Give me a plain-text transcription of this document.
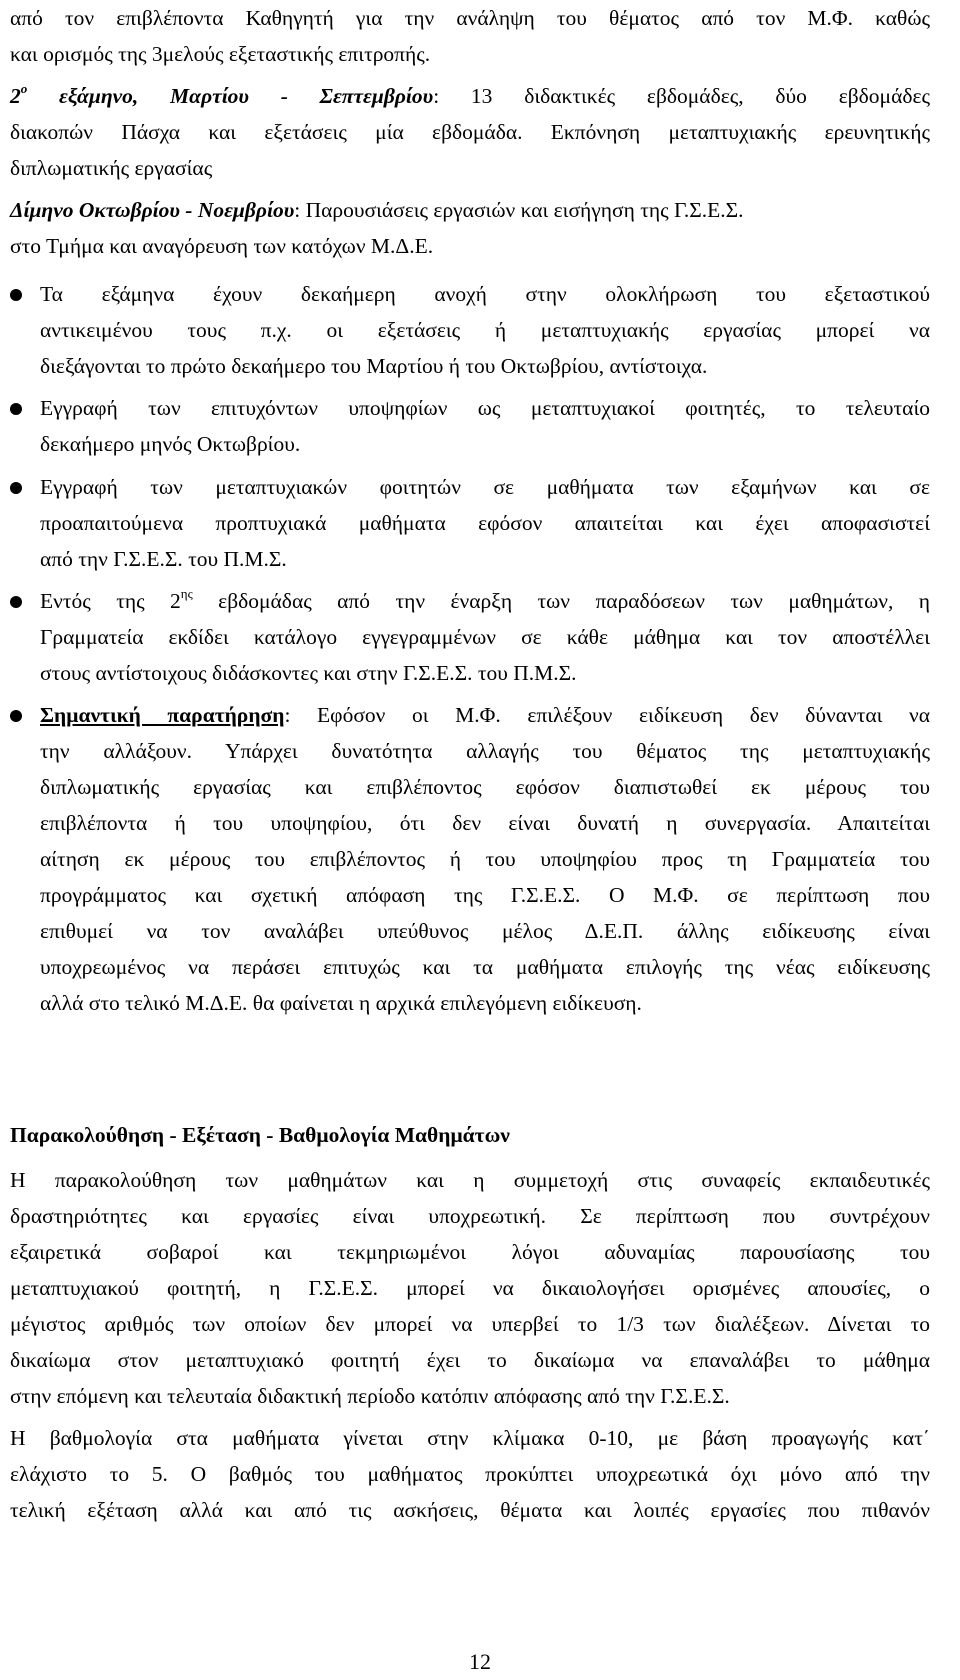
από τον επιβλέποντα Καθηγητή για την ανάληψη του θέματος από τον Μ.Φ. καθώς
και ορισμός της 3μελούς εξεταστικής επιτροπής.
$2^o$ εξάμηνο, Μαρτίου - Σεπτεμβρίου: 13 διδακτικές εβδομάδες, δύο εβδομάδες
διακοπών Πάσχα και εξετάσεις μία εβδομάδα. Εκπόνηση μεταπτυχιακής ερευνητικής
διπλωματικής εργασίας
Δίμηνο Οκτωβρίου - Νοεμβρίου: Παρουσιάσεις εργασιών και εισήγηση της Γ.Σ.Ε.Σ.
στο Τμήμα και αναγόρευση των κατόχων Μ.Δ.Ε.
Τα εξάμηνα έχουν δεκαήμερη ανοχή στην ολοκλήρωση του εξεταστικού
αντικειμένου τους π.χ. οι εξετάσεις ή μεταπτυχιακής εργασίας μπορεί να
διεξάγονται το πρώτο δεκαήμερο του Μαρτίου ή του Οκτωβρίου, αντίστοιχα.
Εγγραφή των επιτυχόντων υποψηφίων ως μεταπτυχιακοί φοιτητές, το τελευταίο
δεκαήμερο μηνός Οκτωβρίου.
Εγγραφή των μεταπτυχιακών φοιτητών σε μαθήματα των εξαμήνων και σε
προαπαιτούμενα προπτυχιακά μαθήματα εφόσον απαιτείται και έχει αποφασιστεί
από την Γ.Σ.Ε.Σ. του Π.Μ.Σ.
Εντός της $2^{\eta\varsigma}$ εβδομάδας από την έναρξη των παραδόσεων των μαθημάτων, η
Γραμματεία εκδίδει κατάλογο εγγεγραμμένων σε κάθε μάθημα και τον αποστέλλει
στους αντίστοιχους διδάσκοντες και στην Γ.Σ.Ε.Σ. του Π.Μ.Σ.
Σημαντική παρατήρηση: Εφόσον οι Μ.Φ. επιλέξουν ειδίκευση δεν δύνανται να
την αλλάξουν. Υπάρχει δυνατότητα αλλαγής του θέματος της μεταπτυχιακής
διπλωματικής εργασίας και επιβλέποντος εφόσον διαπιστωθεί εκ μέρους του
επιβλέποντα ή του υποψηφίου, ότι δεν είναι δυνατή η συνεργασία. Απαιτείται
αίτηση εκ μέρους του επιβλέποντος ή του υποψηφίου προς τη Γραμματεία του
προγράμματος και σχετική απόφαση της Γ.Σ.Ε.Σ. Ο Μ.Φ. σε περίπτωση που
επιθυμεί να τον αναλάβει υπεύθυνος μέλος Δ.Ε.Π. άλλης ειδίκευσης είναι
υποχρεωμένος να περάσει επιτυχώς και τα μαθήματα επιλογής της νέας ειδίκευσης
αλλά στο τελικό Μ.Δ.Ε. θα φαίνεται η αρχικά επιλεγόμενη ειδίκευση.
Παρακολούθηση - Εξέταση - Βαθμολογία Μαθημάτων
Η παρακολούθηση των μαθημάτων και η συμμετοχή στις συναφείς εκπαιδευτικές
δραστηριότητες και εργασίες είναι υποχρεωτική. Σε περίπτωση που συντρέχουν
εξαιρετικά σοβαροί και τεκμηριωμένοι λόγοι αδυναμίας παρουσίασης του
μεταπτυχιακού φοιτητή, η Γ.Σ.Ε.Σ. μπορεί να δικαιολογήσει ορισμένες απουσίες, ο
μέγιστος αριθμός των οποίων δεν μπορεί να υπερβεί το 1/3 των διαλέξεων. Δίνεται το
δικαίωμα στον μεταπτυχιακό φοιτητή έχει το δικαίωμα να επαναλάβει το μάθημα
στην επόμενη και τελευταία διδακτική περίοδο κατόπιν απόφασης από την Γ.Σ.Ε.Σ.
Η βαθμολογία στα μαθήματα γίνεται στην κλίμακα 0-10, με βάση προαγωγής κατ΄
ελάχιστο το 5. Ο βαθμός του μαθήματος προκύπτει υποχρεωτικά όχι μόνο από την
τελική εξέταση αλλά και από τις ασκήσεις, θέματα και λοιπές εργασίες που πιθανόν
12
